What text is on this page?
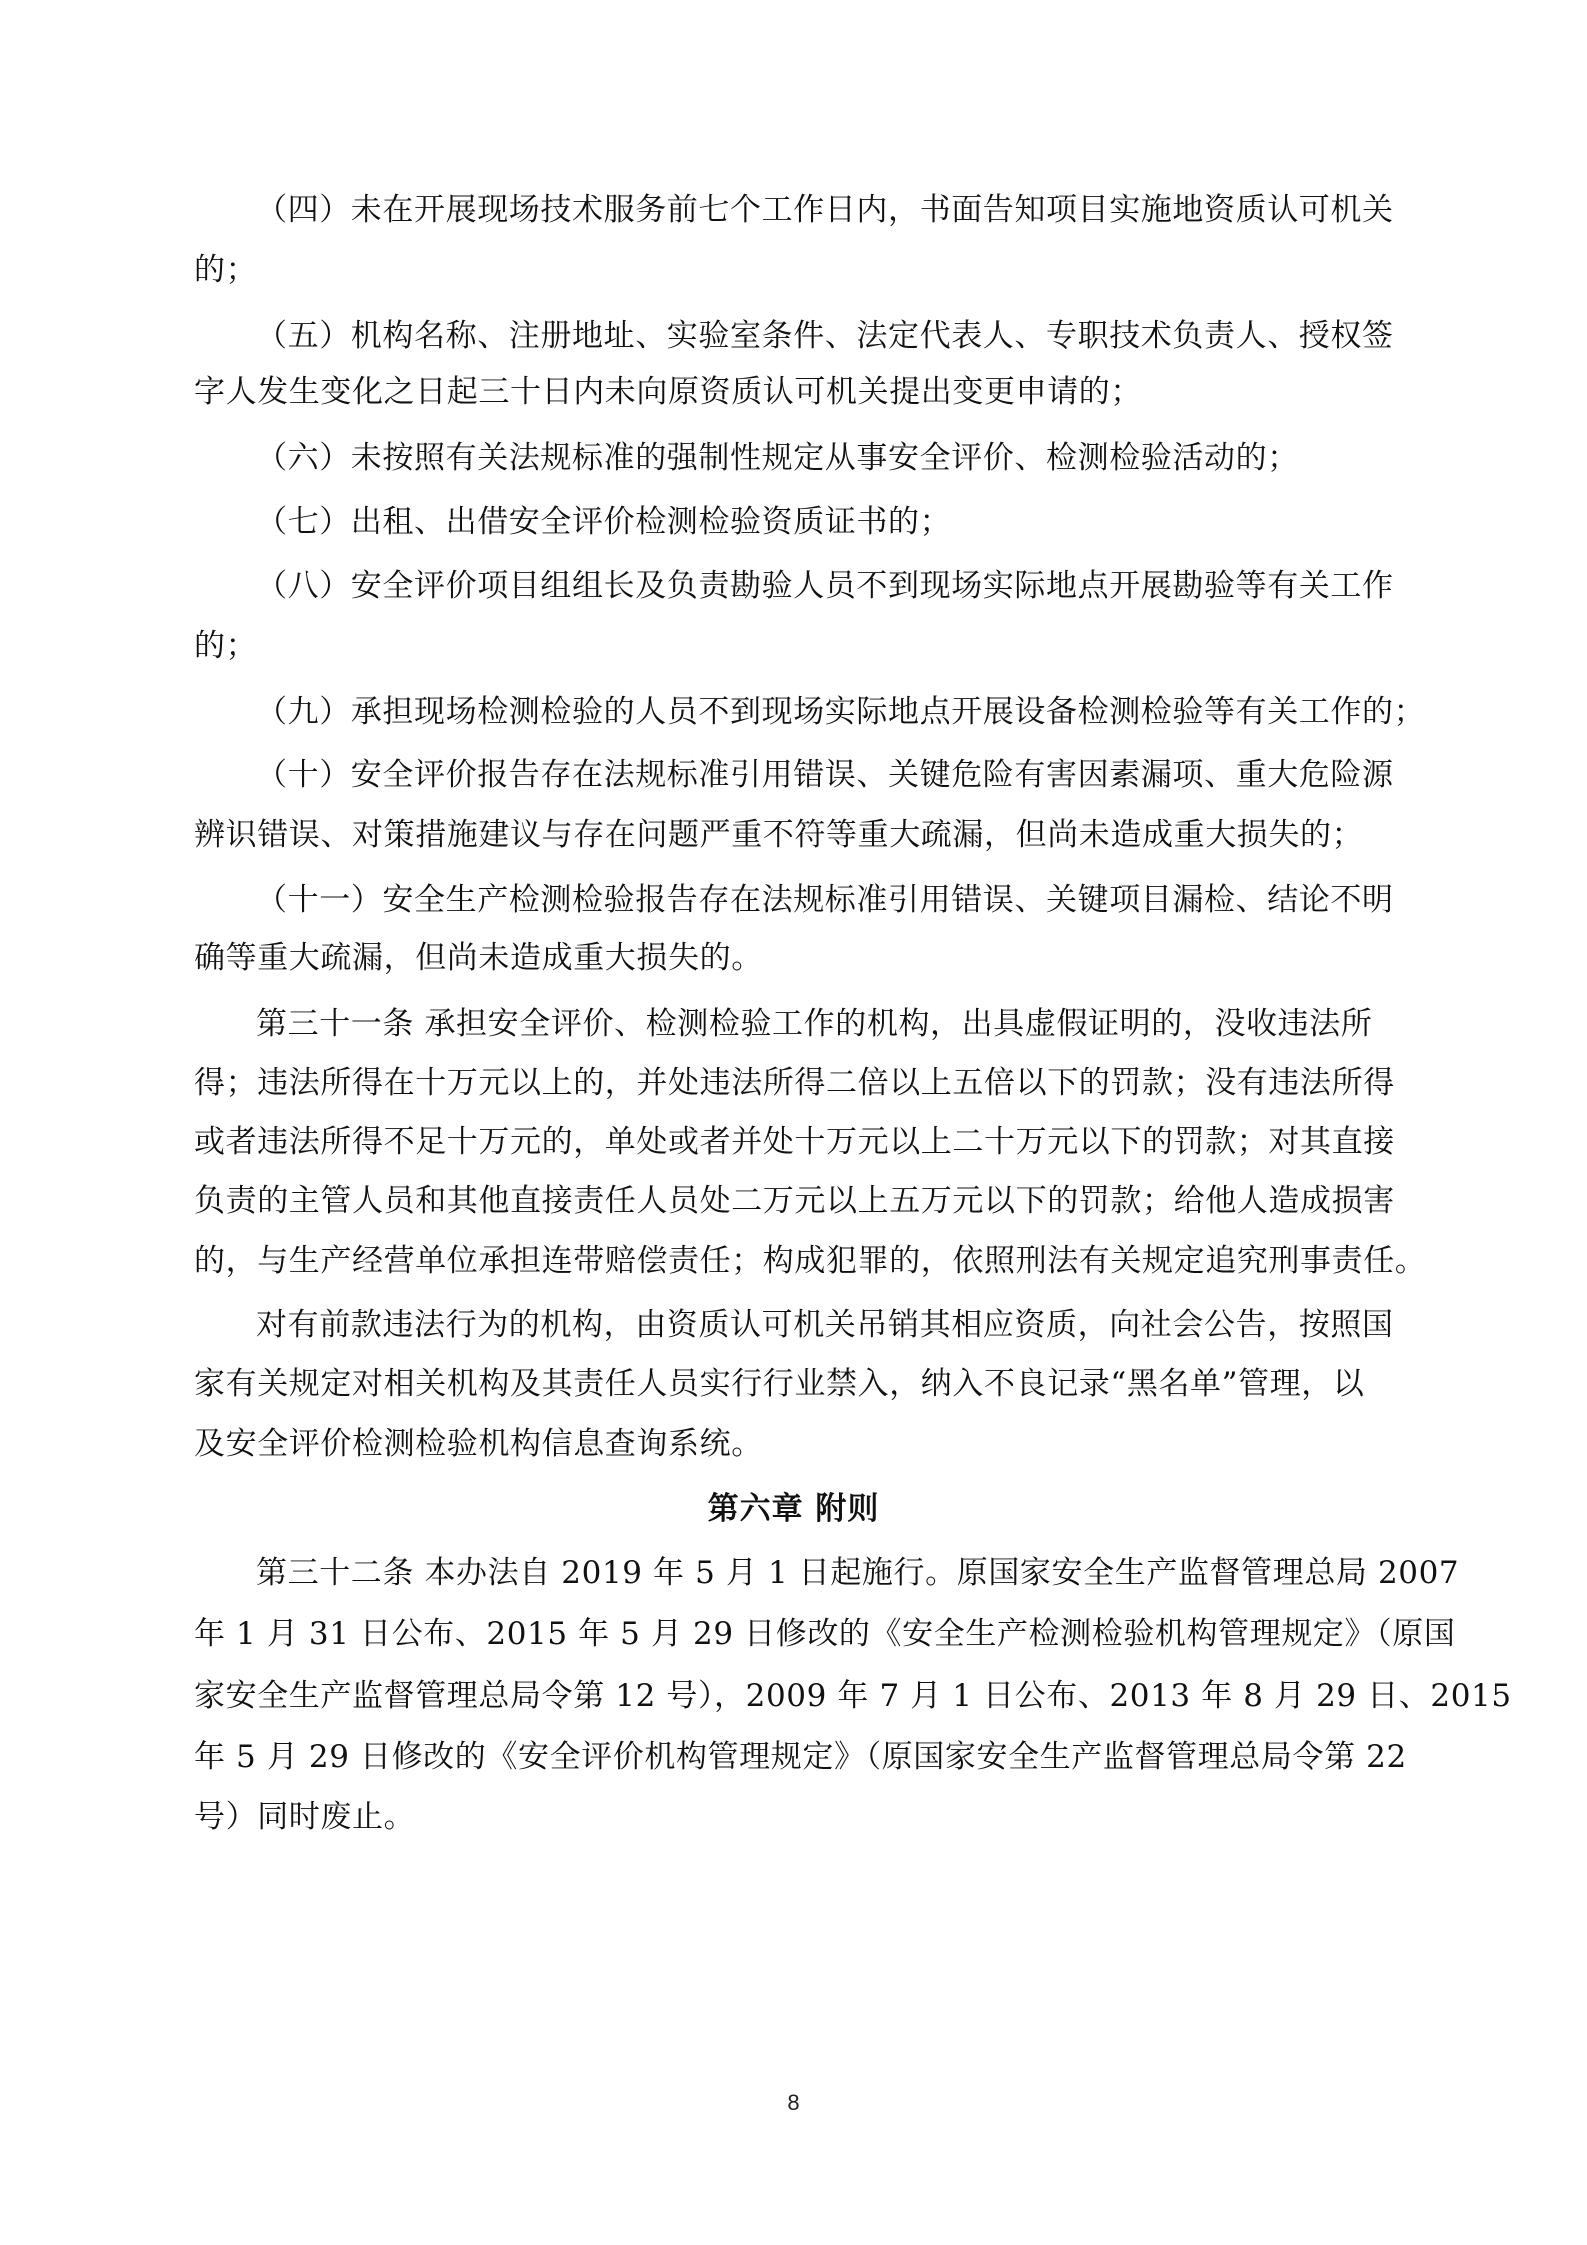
（四）未在开展现场技术服务前七个工作日内，书面告知项目实施地资质认可机关
的；
（五）机构名称、注册地址、实验室条件、法定代表人、专职技术负责人、授权签
字人发生变化之日起三十日内未向原资质认可机关提出变更申请的；
（六）未按照有关法规标准的强制性规定从事安全评价、检测检验活动的；
（七）出租、出借安全评价检测检验资质证书的；
（八）安全评价项目组组长及负责勘验人员不到现场实际地点开展勘验等有关工作
的；
（九）承担现场检测检验的人员不到现场实际地点开展设备检测检验等有关工作的；
（十）安全评价报告存在法规标准引用错误、关键危险有害因素漏项、重大危险源
辨识错误、对策措施建议与存在问题严重不符等重大疏漏，但尚未造成重大损失的；
（十一）安全生产检测检验报告存在法规标准引用错误、关键项目漏检、结论不明
确等重大疏漏，但尚未造成重大损失的。
第三十一条 承担安全评价、检测检验工作的机构，出具虚假证明的，没收违法所
得；违法所得在十万元以上的，并处违法所得二倍以上五倍以下的罚款；没有违法所得
或者违法所得不足十万元的，单处或者并处十万元以上二十万元以下的罚款；对其直接
负责的主管人员和其他直接责任人员处二万元以上五万元以下的罚款；给他人造成损害
的，与生产经营单位承担连带赔偿责任；构成犯罪的，依照刑法有关规定追究刑事责任。
对有前款违法行为的机构，由资质认可机关吊销其相应资质，向社会公告，按照国
家有关规定对相关机构及其责任人员实行行业禁入，纳入不良记录“黑名单”管理，以
及安全评价检测检验机构信息查询系统。
第六章 附则
第三十二条 本办法自 2019 年 5 月 1 日起施行。原国家安全生产监督管理总局 2007
年 1 月 31 日公布、2015 年 5 月 29 日修改的《安全生产检测检验机构管理规定》（原国
家安全生产监督管理总局令第 12 号），2009 年 7 月 1 日公布、2013 年 8 月 29 日、2015
年 5 月 29 日修改的《安全评价机构管理规定》（原国家安全生产监督管理总局令第 22
号）同时废止。
8
